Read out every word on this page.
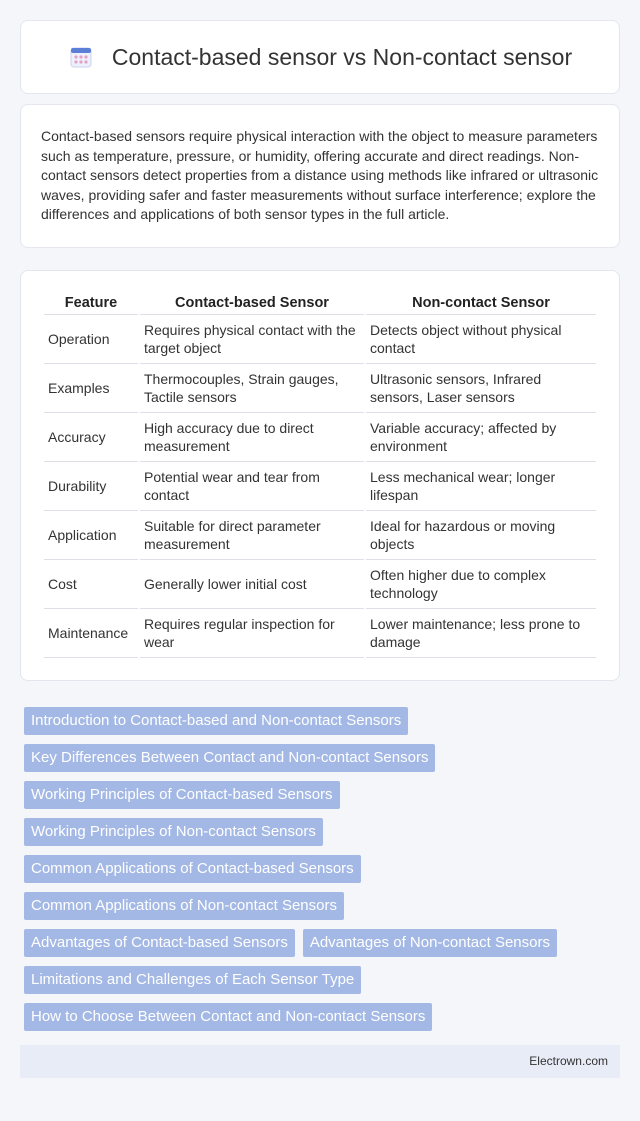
Contact-based sensor vs Non-contact sensor

Contact-based sensors require physical interaction with the object to measure parameters such as temperature, pressure, or humidity, offering accurate and direct readings. Non-contact sensors detect properties from a distance using methods like infrared or ultrasonic waves, providing safer and faster measurements without surface interference; explore the differences and applications of both sensor types in the full article.

Feature	Contact-based Sensor	Non-contact Sensor
Operation	Requires physical contact with the target object	Detects object without physical contact
Examples	Thermocouples, Strain gauges, Tactile sensors	Ultrasonic sensors, Infrared sensors, Laser sensors
Accuracy	High accuracy due to direct measurement	Variable accuracy; affected by environment
Durability	Potential wear and tear from contact	Less mechanical wear; longer lifespan
Application	Suitable for direct parameter measurement	Ideal for hazardous or moving objects
Cost	Generally lower initial cost	Often higher due to complex technology
Maintenance	Requires regular inspection for wear	Lower maintenance; less prone to damage
Introduction to Contact-based and Non-contact Sensors
Key Differences Between Contact and Non-contact Sensors
Working Principles of Contact-based Sensors
Working Principles of Non-contact Sensors
Common Applications of Contact-based Sensors
Common Applications of Non-contact Sensors
Advantages of Contact-based Sensors	Advantages of Non-contact Sensors
Limitations and Challenges of Each Sensor Type
How to Choose Between Contact and Non-contact Sensors
Electrown.com
